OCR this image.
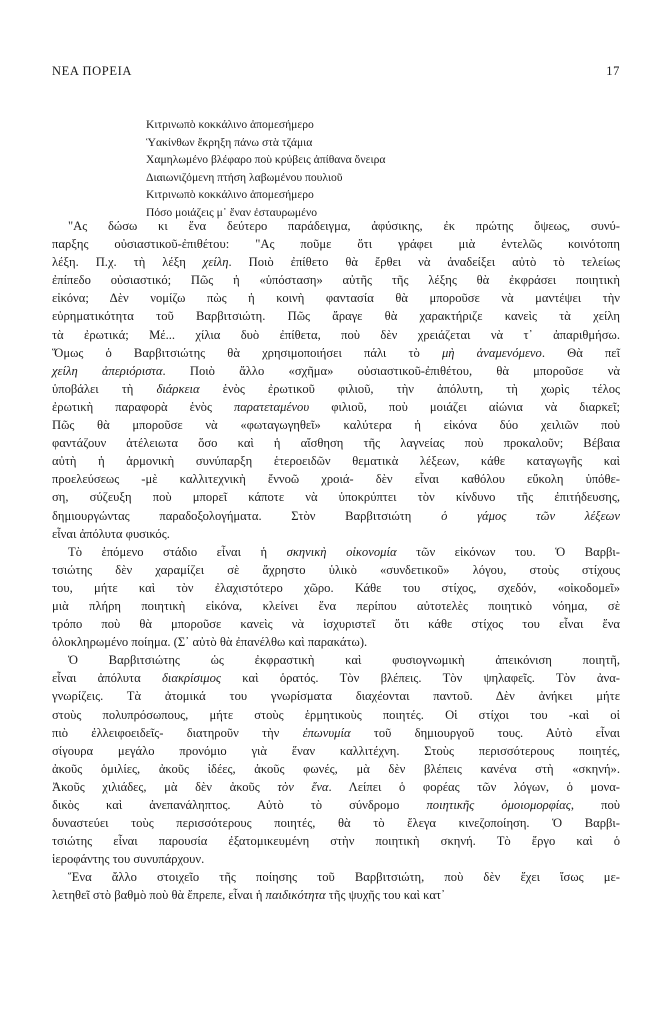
ΝΕΑ ΠΟΡΕΙΑ	17
Κιτρινωπὸ κοκκάλινο ἀπομεσήμερο
Ὑακίνθων ἔκρηξη πάνω στὰ τζάμια
Χαμηλωμένο βλέφαρο ποὺ κρύβεις ἀπίθανα ὄνειρα
Διαιωνιζόμενη πτήση λαβωμένου πουλιοῦ
Κιτρινωπὸ κοκκάλινο ἀπομεσήμερο
Πόσο μοιάζεις μ᾽ ἕναν ἐσταυρωμένο
"Ας δώσω κι ἕνα δεύτερο παράδειγμα, ἀφύσικης, ἐκ πρώτης ὄψεως, συνύ-
παρξης οὐσιαστικοῦ-ἐπιθέτου: "Ας ποῦμε ὅτι γράφει μιὰ ἐντελῶς κοινότοπη
λέξη. Π.χ. τὴ λέξη χείλη. Ποιὸ ἐπίθετο θὰ ἔρθει νὰ ἀναδείξει αὐτὸ τὸ τελείως
ἐπίπεδο οὐσιαστικό; Πῶς ἡ «ὑπόσταση» αὐτῆς τῆς λέξης θὰ ἐκφράσει ποιητικὴ
εἰκόνα; Δὲν νομίζω πὼς ἡ κοινὴ φαντασία θὰ μποροῦσε νὰ μαντέψει τὴν
εὑρηματικότητα τοῦ Βαρβιτσιώτη. Πῶς ἄραγε θὰ χαρακτήριζε κανεὶς τὰ χείλη
τὰ ἐρωτικά; Μέ... χίλια δυὸ ἐπίθετα, ποὺ δὲν χρειάζεται νὰ τ᾽ ἀπαριθμήσω.
Ὅμως ὁ Βαρβιτσιώτης θὰ χρησιμοποιήσει πάλι τὸ μὴ ἀναμενόμενο. Θὰ πεῖ
χείλη ἀπεριόριστα. Ποιὸ ἄλλο «σχῆμα» οὐσιαστικοῦ-ἐπιθέτου, θὰ μποροῦσε νὰ
ὑποβάλει τὴ διάρκεια ἑνὸς ἐρωτικοῦ φιλιοῦ, τὴν ἀπόλυτη, τὴ χωρὶς τέλος
ἐρωτικὴ παραφορὰ ἑνὸς παρατεταμένου φιλιοῦ, ποὺ μοιάζει αἰώνια νὰ διαρκεῖ;
Πῶς θὰ μποροῦσε νὰ «φωταγωγηθεῖ» καλύτερα ἡ εἰκόνα δύο χειλιῶν ποὺ
φαντάζουν ἀτέλειωτα ὅσο καὶ ἡ αἴσθηση τῆς λαγνείας ποὺ προκαλοῦν; Βέβαια
αὐτὴ ἡ ἁρμονικὴ συνύπαρξη ἑτεροειδῶν θεματικὰ λέξεων, κάθε καταγωγῆς καὶ
προελεύσεως -μὲ καλλιτεχνικὴ ἔννοῶ χροιά- δὲν εἶναι καθόλου εὔκολη ὑπόθε-
ση, σύζευξη ποὺ μπορεῖ κάποτε νὰ ὑποκρύπτει τὸν κίνδυνο τῆς ἐπιτήδευσης,
δημιουργώντας παραδοξολογήματα. Στὸν Βαρβιτσιώτη ὁ γάμος τῶν λέξεων
εἶναι ἀπόλυτα φυσικός.
Τὸ ἑπόμενο στάδιο εἶναι ἡ σκηνικὴ οἰκονομία τῶν εἰκόνων του. Ὁ Βαρβι-
τσιώτης δὲν χαραμίζει σὲ ἄχρηστο ὑλικὸ «συνδετικοῦ» λόγου, στοὺς στίχους
του, μήτε καὶ τὸν ἐλαχιστότερο χῶρο. Κάθε του στίχος, σχεδόν, «οἰκοδομεῖ»
μιὰ πλήρη ποιητικὴ εἰκόνα, κλείνει ἕνα περίπου αὐτοτελὲς ποιητικὸ νόημα, σὲ
τρόπο ποὺ θὰ μποροῦσε κανεὶς νὰ ἰσχυριστεῖ ὅτι κάθε στίχος του εἶναι ἕνα
ὁλοκληρωμένο ποίημα. (Σ᾽ αὐτὸ θὰ ἐπανέλθω καὶ παρακάτω).
Ὁ Βαρβιτσιώτης ὡς ἐκφραστικὴ καὶ φυσιογνωμικὴ ἀπεικόνιση ποιητῆ,
εἶναι ἀπόλυτα διακρίσιμος καὶ ὁρατός. Τὸν βλέπεις. Τὸν ψηλαφεῖς. Τὸν ἀνα-
γνωρίζεις. Τὰ ἀτομικά του γνωρίσματα διαχέονται παντοῦ. Δὲν ἀνήκει μήτε
στοὺς πολυπρόσωπους, μήτε στοὺς ἑρμητικοὺς ποιητές. Οἱ στίχοι του -καὶ οἱ
πιὸ ἐλλειφοειδεῖς- διατηροῦν τὴν ἐπωνυμία τοῦ δημιουργοῦ τους. Αὐτὸ εἶναι
σίγουρα μεγάλο προνόμιο γιὰ ἕναν καλλιτέχνη. Στοὺς περισσότερους ποιητές,
ἀκοῦς ὁμιλίες, ἀκοῦς ἰδέες, ἀκοῦς φωνές, μὰ δὲν βλέπεις κανένα στὴ «σκηνή».
Ἀκοῦς χιλιάδες, μὰ δὲν ἀκοῦς τὸν ἕνα. Λείπει ὁ φορέας τῶν λόγων, ὁ μονα-
δικὸς καὶ ἀνεπανάληπτος. Αὐτὸ τὸ σύνδρομο ποιητικῆς ὁμοιομορφίας, ποὺ
δυναστεύει τοὺς περισσότερους ποιητές, θὰ τὸ ἔλεγα κινεζοποίηση. Ὁ Βαρβι-
τσιώτης εἶναι παρουσία ἐξατομικευμένη στὴν ποιητικὴ σκηνή. Τὸ ἔργο καὶ ὁ
ἱεροφάντης του συνυπάρχουν.
Ἕνα ἄλλο στοιχεῖο τῆς ποίησης τοῦ Βαρβιτσιώτη, ποὺ δὲν ἔχει ἴσως με-
λετηθεῖ στὸ βαθμὸ ποὺ θὰ ἔπρεπε, εἶναι ἡ παιδικότητα τῆς ψυχῆς του καὶ κατ᾽
